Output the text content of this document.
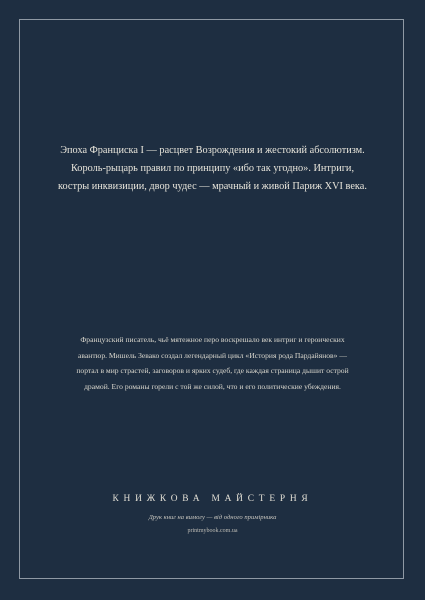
Эпоха Франциска I — расцвет Возрождения и жестокий абсолютизм. Король-рыцарь правил по принципу «ибо так угодно». Интриги, костры инквизиции, двор чудес — мрачный и живой Париж XVI века.

Французский писатель, чьё мятежное перо воскрешало век интриг и героических авантюр. Мишель Зевако создал легендарный цикл «История рода Пардайянов» — портал в мир страстей, заговоров и ярких судеб, где каждая страница дышит острой драмой. Его романы горели с той же силой, что и его политические убеждения.

КНИЖКОВА МАЙСТЕРНЯ
Друк книг на вимогу — від одного примірника
printmybook.com.ua
